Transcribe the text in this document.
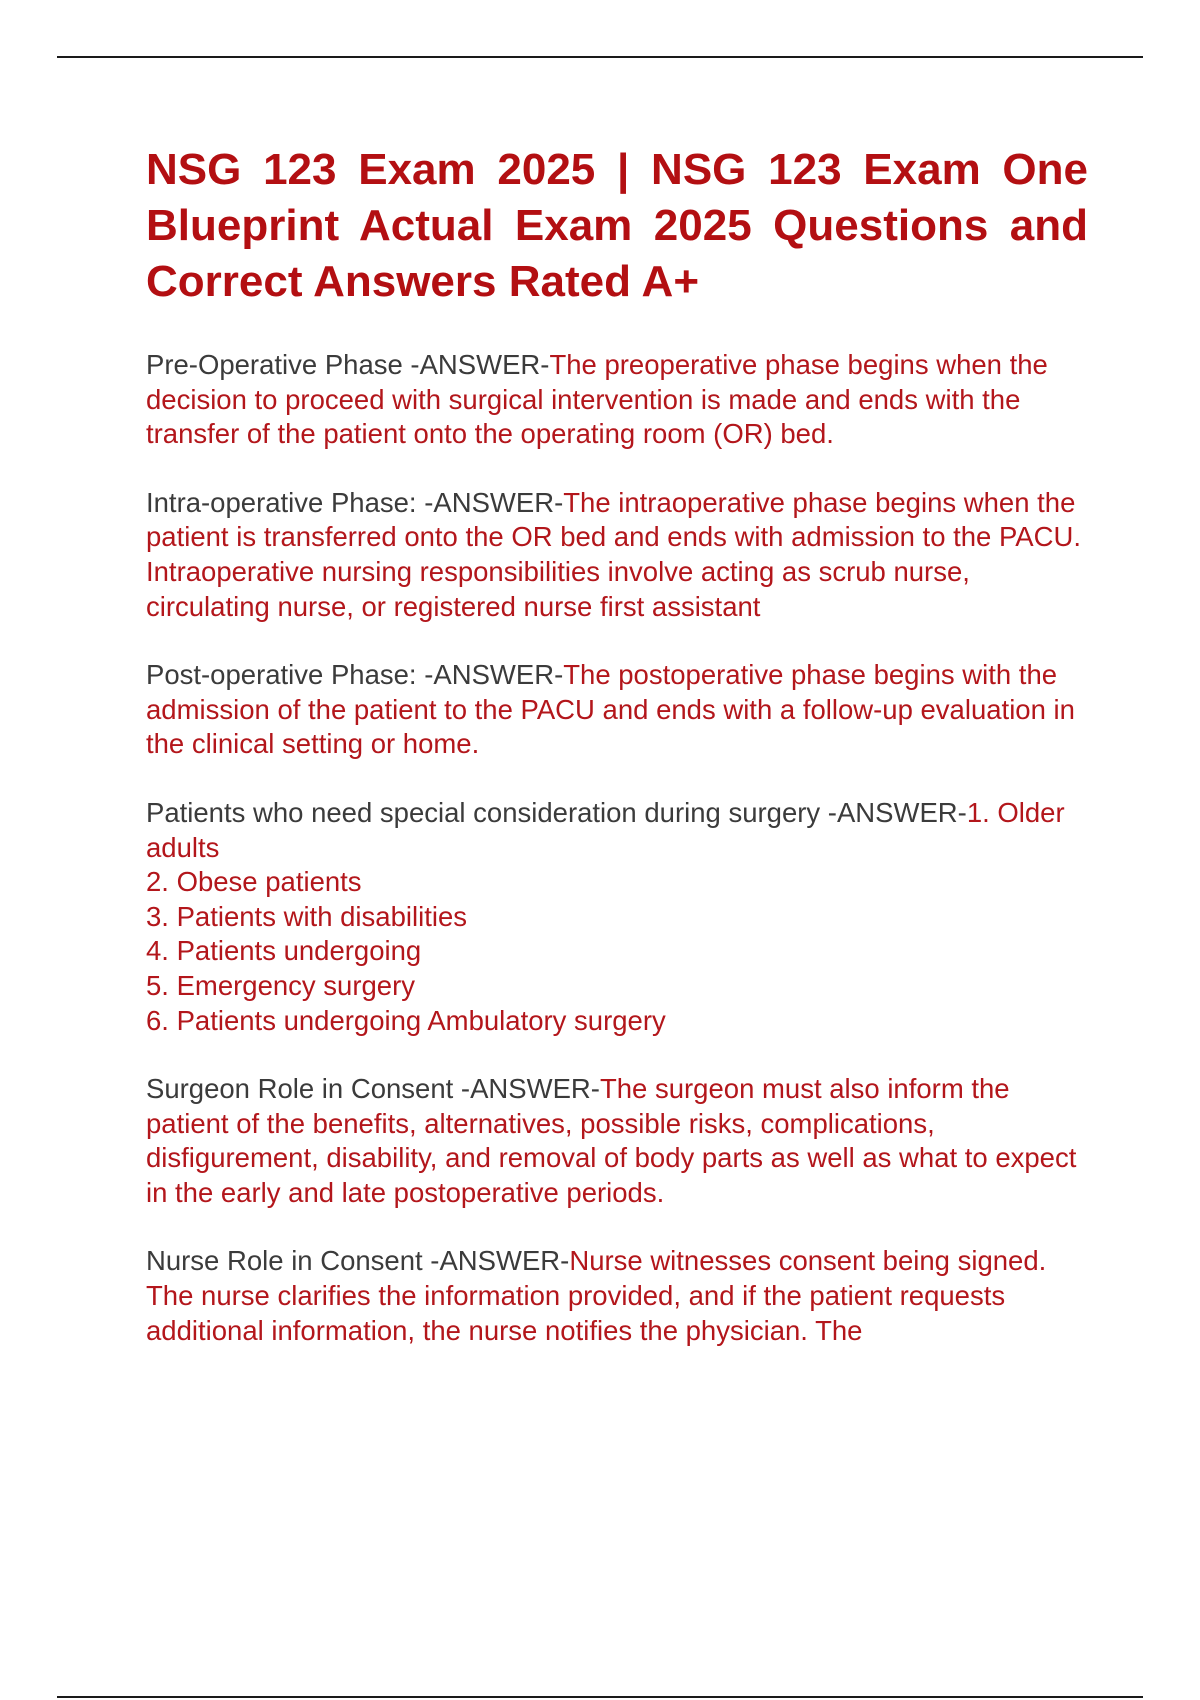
NSG 123 Exam 2025 | NSG 123 Exam One Blueprint Actual Exam 2025 Questions and Correct Answers Rated A+

Pre-Operative Phase -ANSWER-The preoperative phase begins when the decision to proceed with surgical intervention is made and ends with the transfer of the patient onto the operating room (OR) bed.

Intra-operative Phase: -ANSWER-The intraoperative phase begins when the patient is transferred onto the OR bed and ends with admission to the PACU. Intraoperative nursing responsibilities involve acting as scrub nurse, circulating nurse, or registered nurse first assistant

Post-operative Phase: -ANSWER-The postoperative phase begins with the admission of the patient to the PACU and ends with a follow-up evaluation in the clinical setting or home.

Patients who need special consideration during surgery -ANSWER-1. Older adults
2. Obese patients
3. Patients with disabilities
4. Patients undergoing
5. Emergency surgery
6. Patients undergoing Ambulatory surgery

Surgeon Role in Consent -ANSWER-The surgeon must also inform the patient of the benefits, alternatives, possible risks, complications, disfigurement, disability, and removal of body parts as well as what to expect in the early and late postoperative periods.

Nurse Role in Consent -ANSWER-Nurse witnesses consent being signed.
The nurse clarifies the information provided, and if the patient requests additional information, the nurse notifies the physician. The
